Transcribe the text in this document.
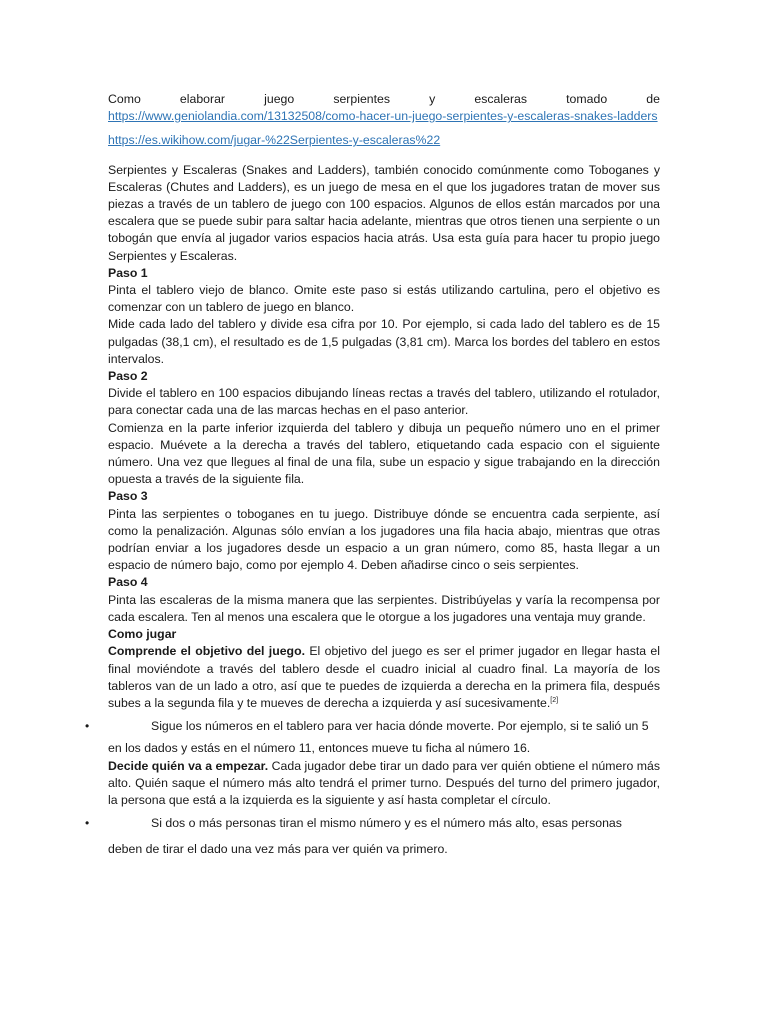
Como	elaborar	juego	serpientes	y	escaleras	tomado	de
https://www.geniolandia.com/13132508/como-hacer-un-juego-serpientes-y-escaleras-snakes-ladders
https://es.wikihow.com/jugar-%22Serpientes-y-escaleras%22

Serpientes y Escaleras (Snakes and Ladders), también conocido comúnmente como Toboganes y Escaleras (Chutes and Ladders), es un juego de mesa en el que los jugadores tratan de mover sus piezas a través de un tablero de juego con 100 espacios. Algunos de ellos están marcados por una escalera que se puede subir para saltar hacia adelante, mientras que otros tienen una serpiente o un tobogán que envía al jugador varios espacios hacia atrás. Usa esta guía para hacer tu propio juego Serpientes y Escaleras.

Paso 1

Pinta el tablero viejo de blanco. Omite este paso si estás utilizando cartulina, pero el objetivo es comenzar con un tablero de juego en blanco.

Mide cada lado del tablero y divide esa cifra por 10. Por ejemplo, si cada lado del tablero es de 15 pulgadas (38,1 cm), el resultado es de 1,5 pulgadas (3,81 cm). Marca los bordes del tablero en estos intervalos.

Paso 2

Divide el tablero en 100 espacios dibujando líneas rectas a través del tablero, utilizando el rotulador, para conectar cada una de las marcas hechas en el paso anterior.

Comienza en la parte inferior izquierda del tablero y dibuja un pequeño número uno en el primer espacio. Muévete a la derecha a través del tablero, etiquetando cada espacio con el siguiente número. Una vez que llegues al final de una fila, sube un espacio y sigue trabajando en la dirección opuesta a través de la siguiente fila.

Paso 3

Pinta las serpientes o toboganes en tu juego. Distribuye dónde se encuentra cada serpiente, así como la penalización. Algunas sólo envían a los jugadores una fila hacia abajo, mientras que otras podrían enviar a los jugadores desde un espacio a un gran número, como 85, hasta llegar a un espacio de número bajo, como por ejemplo 4. Deben añadirse cinco o seis serpientes.

Paso 4

Pinta las escaleras de la misma manera que las serpientes. Distribúyelas y varía la recompensa por cada escalera. Ten al menos una escalera que le otorgue a los jugadores una ventaja muy grande.

Como jugar

Comprende el objetivo del juego. El objetivo del juego es ser el primer jugador en llegar hasta el final moviéndote a través del tablero desde el cuadro inicial al cuadro final. La mayoría de los tableros van de un lado a otro, así que te puedes de izquierda a derecha en la primera fila, después subes a la segunda fila y te mueves de derecha a izquierda y así sucesivamente.[2]

•	Sigue los números en el tablero para ver hacia dónde moverte. Por ejemplo, si te salió un 5
en los dados y estás en el número 11, entonces mueve tu ficha al número 16.

Decide quién va a empezar. Cada jugador debe tirar un dado para ver quién obtiene el número más alto. Quién saque el número más alto tendrá el primer turno. Después del turno del primero jugador, la persona que está a la izquierda es la siguiente y así hasta completar el círculo.

•	Si dos o más personas tiran el mismo número y es el número más alto, esas personas
deben de tirar el dado una vez más para ver quién va primero.
